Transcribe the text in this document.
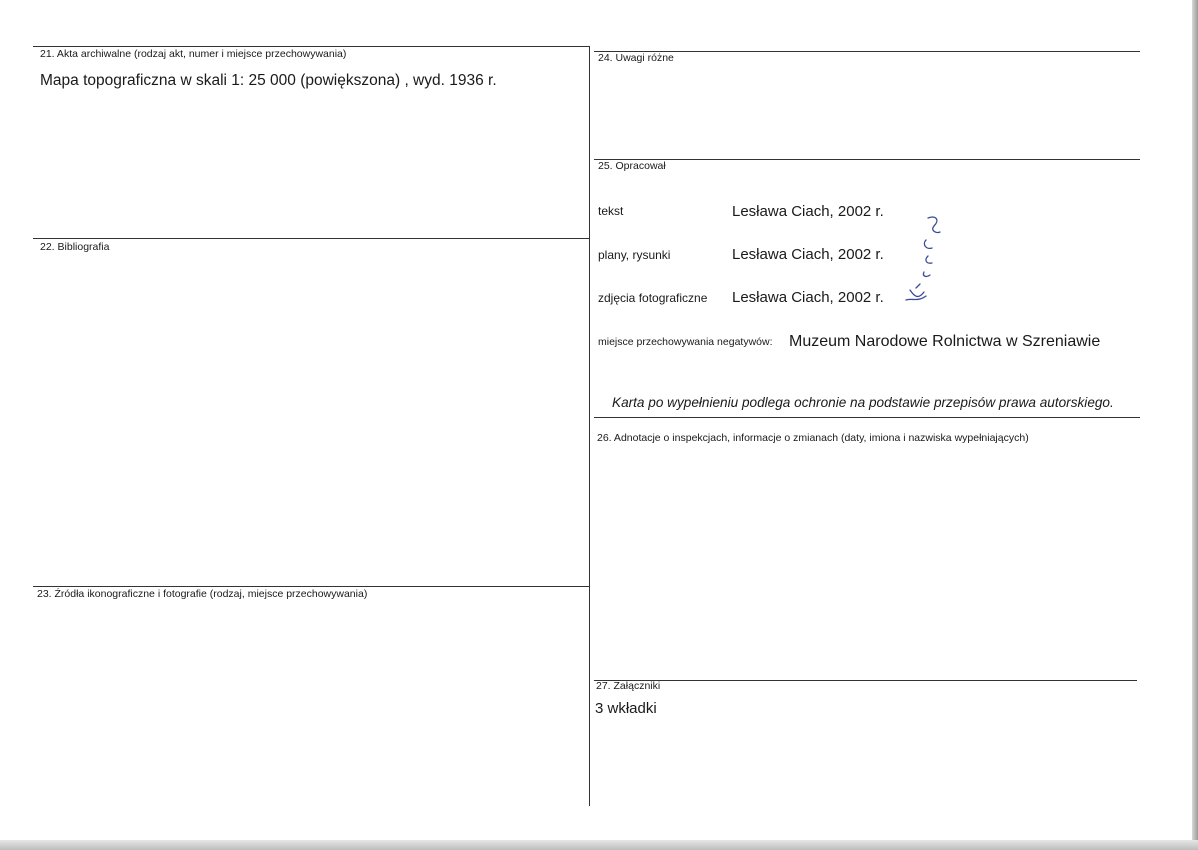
21. Akta archiwalne (rodzaj akt, numer i miejsce przechowywania)
Mapa topograficzna w skali 1: 25 000 (powiększona) , wyd. 1936 r.
22. Bibliografia
23. Źródła ikonograficzne i fotografie (rodzaj, miejsce przechowywania)
24. Uwagi różne
25. Opracował
tekst	Lesława Ciach, 2002 r.
plany, rysunki	Lesława Ciach, 2002 r.
zdjęcia fotograficzne Lesława Ciach, 2002 r.
miejsce przechowywania negatywów: Muzeum Narodowe Rolnictwa w Szreniawie
Karta po wypełnieniu podlega ochronie na podstawie przepisów prawa autorskiego.
26. Adnotacje o inspekcjach, informacje o zmianach (daty, imiona i nazwiska wypełniających)
27. Załączniki
3 wkładki
